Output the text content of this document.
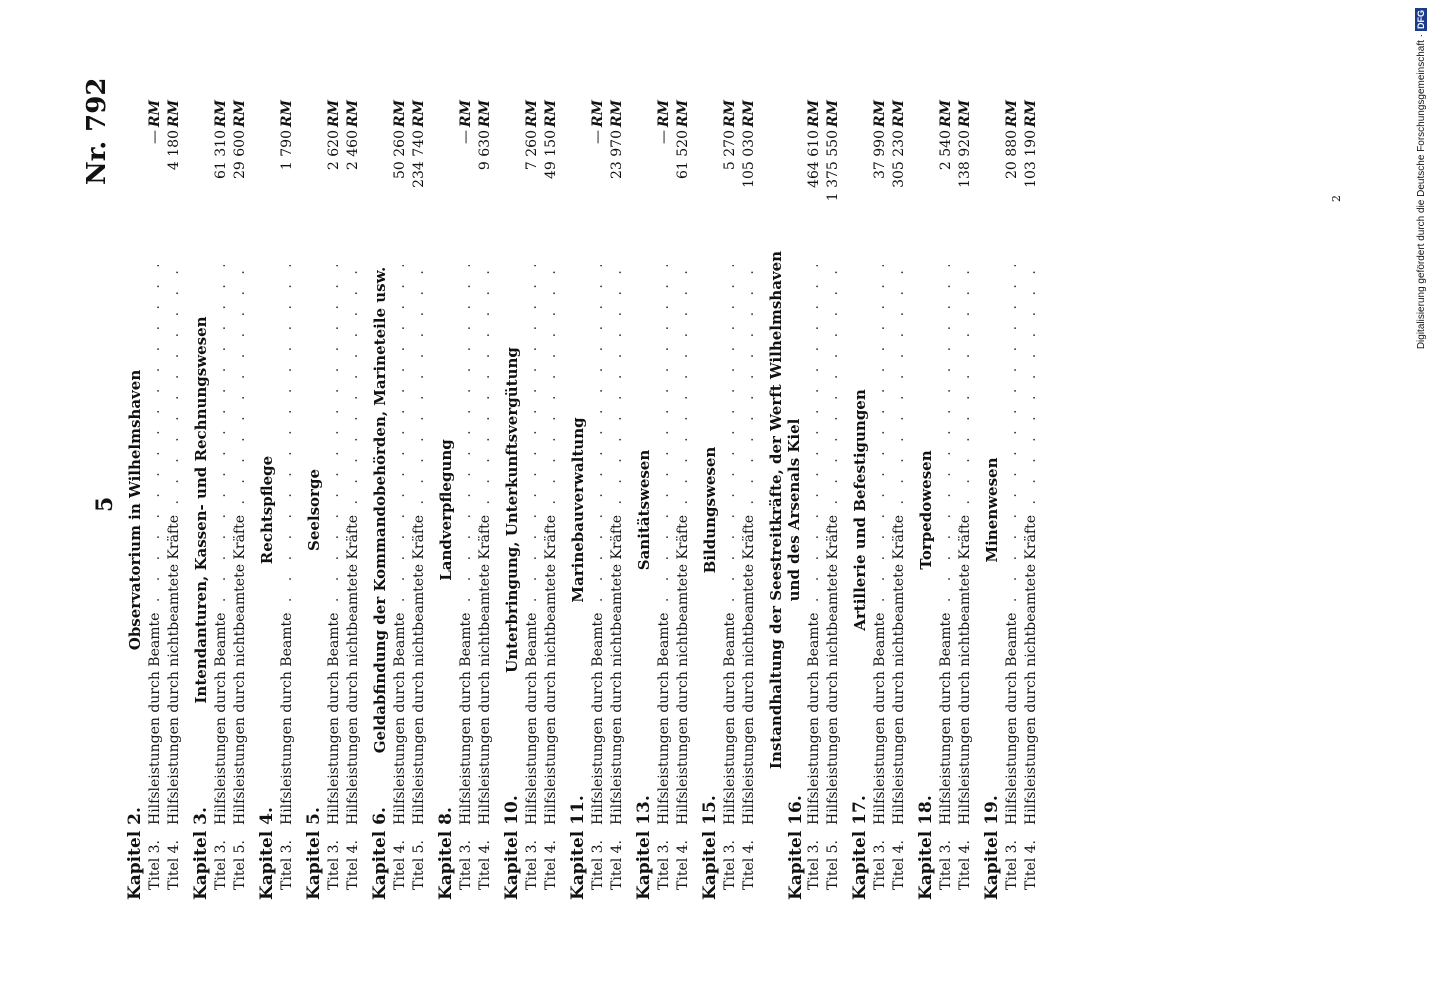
5
Nr. 792
Kapitel 2.
Observatorium in Wilhelmshaven
Titel 3.
Hilfsleistungen durch Beamte . . .
—
RM
Titel 4.
Hilfsleistungen durch nichtbeamtete Kräfte . . .
4 180
RM
Kapitel 3.
Intendanturen, Kassen- und Rechnungswesen
Titel 3.
Hilfsleistungen durch Beamte . . .
61 310
RM
Titel 5.
Hilfsleistungen durch nichtbeamtete Kräfte . . .
29 600
RM
Kapitel 4.
Rechtspflege
Titel 3.
Hilfsleistungen durch Beamte . . .
1 790
RM
Kapitel 5.
Seelsorge
Titel 3.
Hilfsleistungen durch Beamte . . .
2 620
RM
Titel 4.
Hilfsleistungen durch nichtbeamtete Kräfte . . .
2 460
RM
Kapitel 6.
Geldabfindung der Kommandobehörden, Marineteile usw.
Titel 4.
Hilfsleistungen durch Beamte . . .
50 260
RM
Titel 5.
Hilfsleistungen durch nichtbeamtete Kräfte . . .
234 740
RM
Kapitel 8.
Landverpflegung
Titel 3.
Hilfsleistungen durch Beamte . . .
—
RM
Titel 4.
Hilfsleistungen durch nichtbeamtete Kräfte . . .
9 630
RM
Kapitel 10.
Unterbringung, Unterkunftsvergütung
Titel 3.
Hilfsleistungen durch Beamte . . .
7 260
RM
Titel 4.
Hilfsleistungen durch nichtbeamtete Kräfte . . .
49 150
RM
Kapitel 11.
Marinebauverwaltung
Titel 3.
Hilfsleistungen durch Beamte . . .
—
RM
Titel 4.
Hilfsleistungen durch nichtbeamtete Kräfte . . .
23 970
RM
Kapitel 13.
Sanitätswesen
Titel 3.
Hilfsleistungen durch Beamte . . .
—
RM
Titel 4.
Hilfsleistungen durch nichtbeamtete Kräfte . . .
61 520
RM
Kapitel 15.
Bildungswesen
Titel 3.
Hilfsleistungen durch Beamte . . .
5 270
RM
Titel 4.
Hilfsleistungen durch nichtbeamtete Kräfte . . .
105 030
RM
Kapitel 16.
Instandhaltung der Seestreitkräfte, der Werft Wilhelmshaven und des Arsenals Kiel
Titel 3.
Hilfsleistungen durch Beamte . . .
464 610
RM
Titel 5.
Hilfsleistungen durch nichtbeamtete Kräfte . . .
1 375 550
RM
Kapitel 17.
Artillerie und Befestigungen
Titel 3.
Hilfsleistungen durch Beamte . . .
37 990
RM
Titel 4.
Hilfsleistungen durch nichtbeamtete Kräfte . . .
305 230
RM
Kapitel 18.
Torpedowesen
Titel 3.
Hilfsleistungen durch Beamte . . .
2 540
RM
Titel 4.
Hilfsleistungen durch nichtbeamtete Kräfte . . .
138 920
RM
Kapitel 19.
Minenwesen
Titel 3.
Hilfsleistungen durch Beamte . . .
20 880
RM
Titel 4.
Hilfsleistungen durch nichtbeamtete Kräfte . . .
103 190
RM
2	Digitalisierung gefördert durch die Deutsche Forschungsgemeinschaft ·DFG
